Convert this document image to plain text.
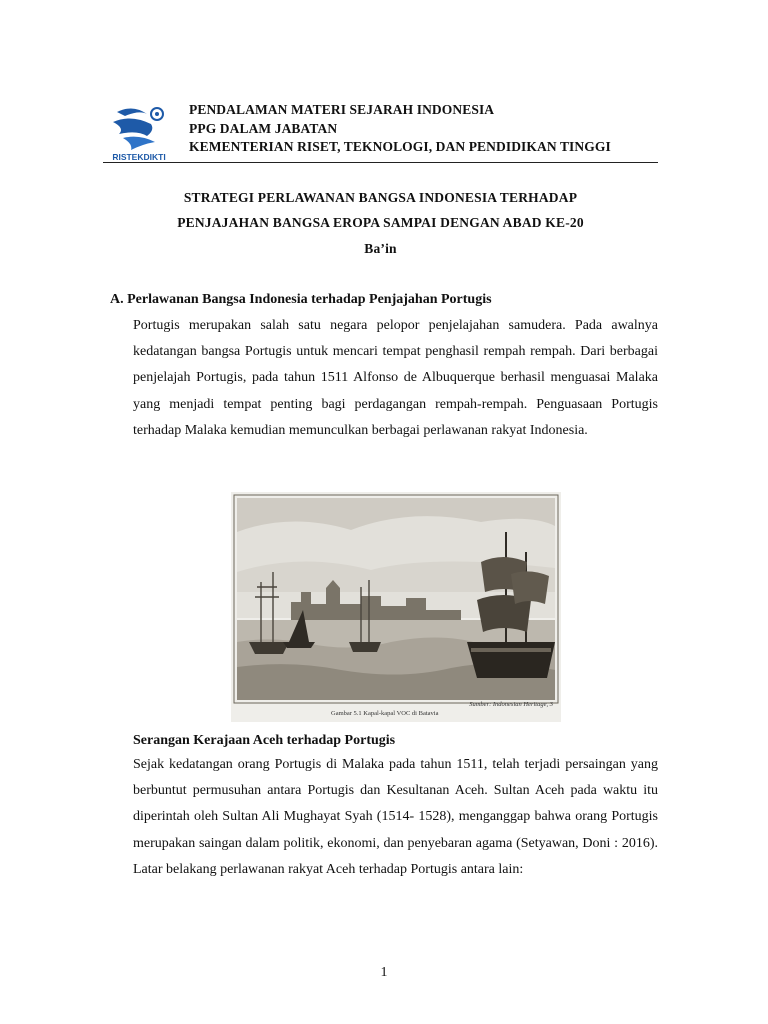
RISTEKDIKTI
PENDALAMAN MATERI SEJARAH INDONESIA
PPG DALAM JABATAN
KEMENTERIAN RISET, TEKNOLOGI, DAN PENDIDIKAN TINGGI
STRATEGI PERLAWANAN BANGSA INDONESIA TERHADAP
PENJAJAHAN BANGSA EROPA SAMPAI DENGAN ABAD KE-20
Ba’in
A. Perlawanan Bangsa Indonesia terhadap Penjajahan Portugis
Portugis merupakan salah satu negara pelopor penjelajahan samudera. Pada awalnya kedatangan bangsa Portugis untuk mencari tempat penghasil rempah rempah. Dari berbagai penjelajah Portugis, pada tahun 1511 Alfonso de Albuquerque berhasil menguasai Malaka yang menjadi tempat penting bagi perdagangan rempah-rempah. Penguasaan Portugis terhadap Malaka kemudian memunculkan berbagai perlawanan rakyat Indonesia.
Sumber: Indonesian Heritage, 3
Gambar 5.1 Kapal-kapal VOC di Batavia
Serangan Kerajaan Aceh terhadap Portugis
Sejak kedatangan orang Portugis di Malaka pada tahun 1511, telah terjadi persaingan yang berbuntut permusuhan antara Portugis dan Kesultanan Aceh. Sultan Aceh pada waktu itu diperintah oleh Sultan Ali Mughayat Syah (1514- 1528), menganggap bahwa orang Portugis merupakan saingan dalam politik, ekonomi, dan penyebaran agama (Setyawan, Doni : 2016). Latar belakang perlawanan rakyat Aceh terhadap Portugis antara lain:
1
